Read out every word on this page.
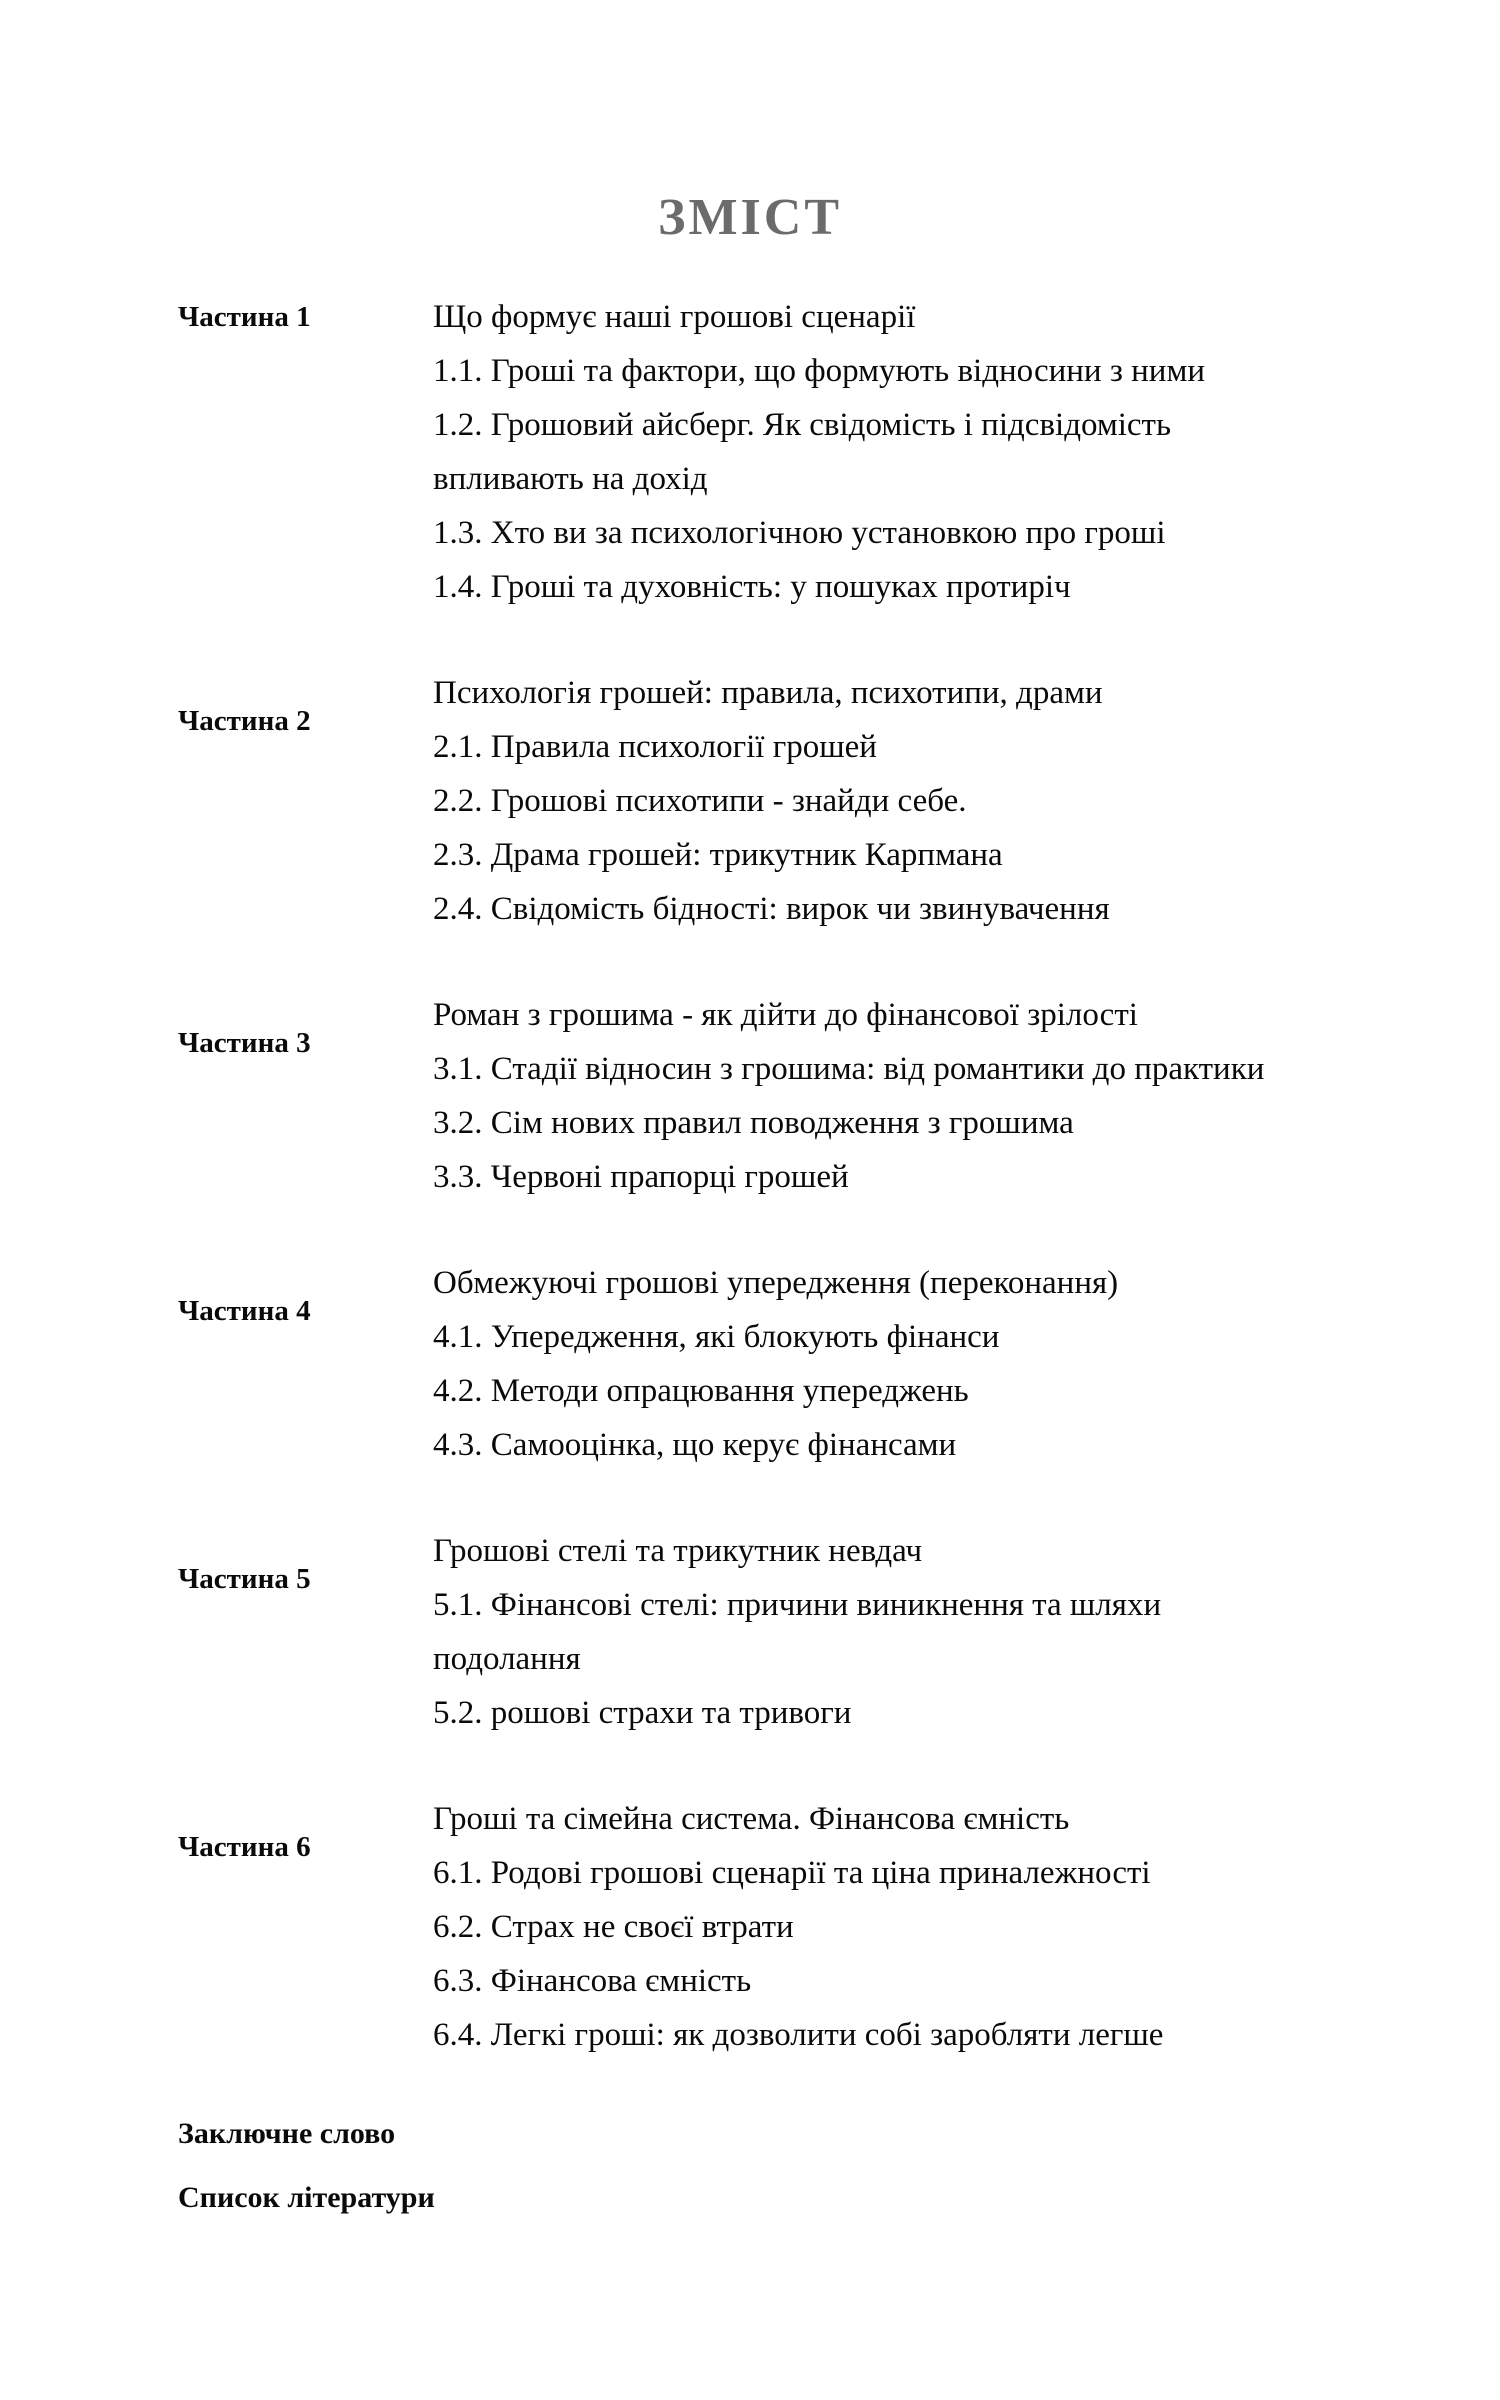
ЗМІСТ
Частина 1	Що формує наші грошові сценарії
1.1. Гроші та фактори, що формують відносини з ними
1.2. Грошовий айсберг. Як свідомість і підсвідомість
впливають на дохід
1.3. Хто ви за психологічною установкою про гроші
1.4. Гроші та духовність: у пошуках протиріч
Частина 2
Психологія грошей: правила, психотипи, драми
2.1. Правила психології грошей
2.2. Грошові психотипи - знайди себе.
2.3. Драма грошей: трикутник Карпмана
2.4. Свідомість бідності: вирок чи звинувачення
Частина 3
Роман з грошима - як дійти до фінансової зрілості
3.1. Стадії відносин з грошима: від романтики до практики
3.2. Сім нових правил поводження з грошима
3.3. Червоні прапорці грошей
Частина 4
Обмежуючі грошові упередження (переконання)
4.1. Упередження, які блокують фінанси
4.2. Методи опрацювання упереджень
4.3. Самооцінка, що керує фінансами
Частина 5
Грошові стелі та трикутник невдач
5.1. Фінансові стелі: причини виникнення та шляхи
подолання
5.2. рошові страхи та тривоги
Частина 6
Гроші та сімейна система. Фінансова ємність
6.1. Родові грошові сценарії та ціна приналежності
6.2. Страх не своєї втрати
6.3. Фінансова ємність
6.4. Легкі гроші: як дозволити собі заробляти легше
Заключне слово
Список літератури
